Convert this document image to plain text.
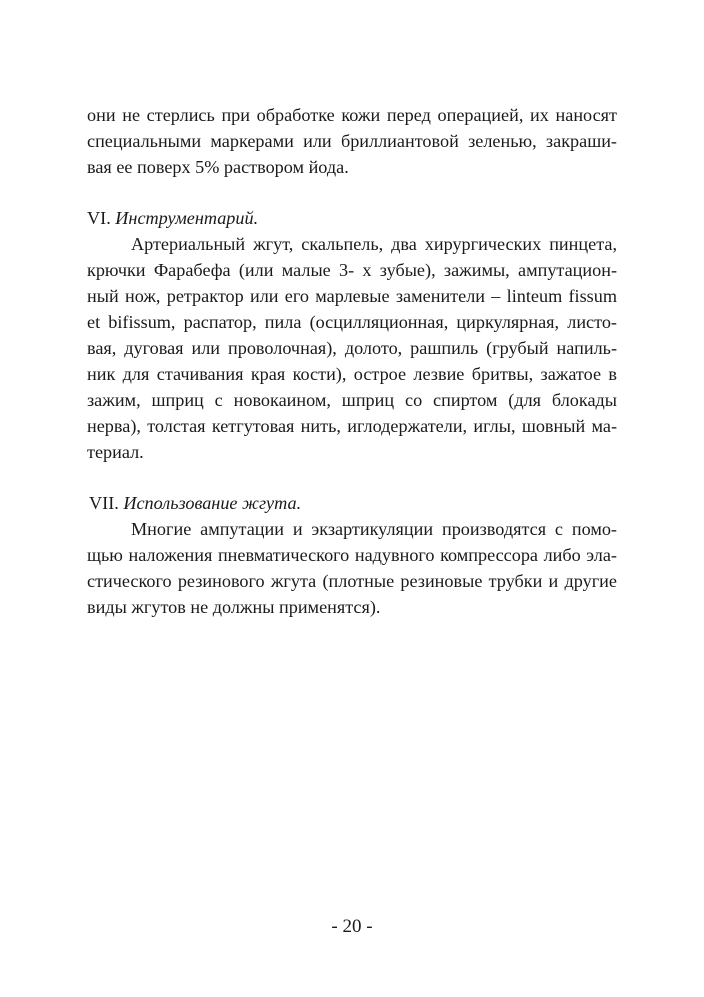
они не стерлись при обработке кожи перед операцией, их наносят

специальными маркерами или бриллиантовой зеленью, закраши-

вая ее поверх 5% раствором йода.

VI. Инструментарий.

Артериальный жгут, скальпель, два хирургических пинцета,

крючки Фарабефа (или малые 3- х зубые), зажимы, ампутацион-

ный нож, ретрактор или его марлевые заменители – linteum fissum

et bifissum, распатор, пила (осцилляционная, циркулярная, листо-

вая, дуговая или проволочная), долото, рашпиль (грубый напиль-

ник для стачивания края кости), острое лезвие бритвы, зажатое в

зажим, шприц с новокаином, шприц со спиртом (для блокады

нерва), толстая кетгутовая нить, иглодержатели, иглы, шовный ма-

териал.

VII. Использование жгута.

Многие ампутации и экзартикуляции производятся с помо-

щью наложения пневматического надувного компрессора либо эла-

стического резинового жгута (плотные резиновые трубки и другие

виды жгутов не должны применятся).

- 20 -
